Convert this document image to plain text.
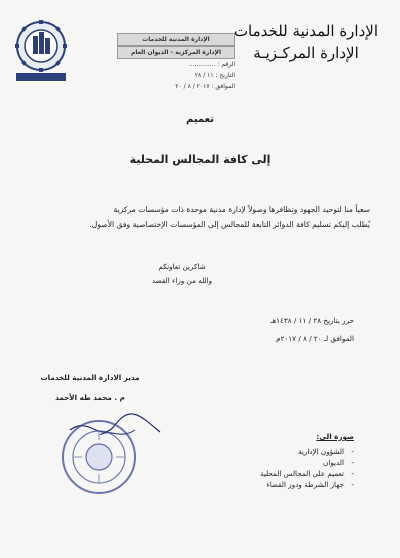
الإدارة المدنية للخدمات
الإدارة المركزية - الديوان العام
الرقم : ..............
التاريخ : ١١ / ٢٨
الموافق : ٢٠١٧ / ٨ / ٢٠
الإدارة المدنية للخدمات
الإدارة المركـزيـة
تعميم
إلى كافة المجالس المحلية
سعياً منا لتوحيد الجهود وتظافرها وصولاً لإدارة مدنية موحدة ذات مؤسسات مركزية
يُطلب إليكم تسليم كافة الدوائر التابعة للمجالس إلى المؤسسات الإختصاصية وفق الأصول.
شاكرين تعاونكم
والله من وراء القصد
حرر بتاريخ ٢٨ / ١١ / ١٤٣٨هـ
الموافق لـ ٢٠ / ٨ / ٢٠١٧م
مدير الادارة المدنية للخدمات
م . محمد طه الأحمد
صورة الى:
- الشؤون الإدارية
- الديوان
- تعميم على المجالس المحلية
- جهاز الشرطة ودور القضاء
